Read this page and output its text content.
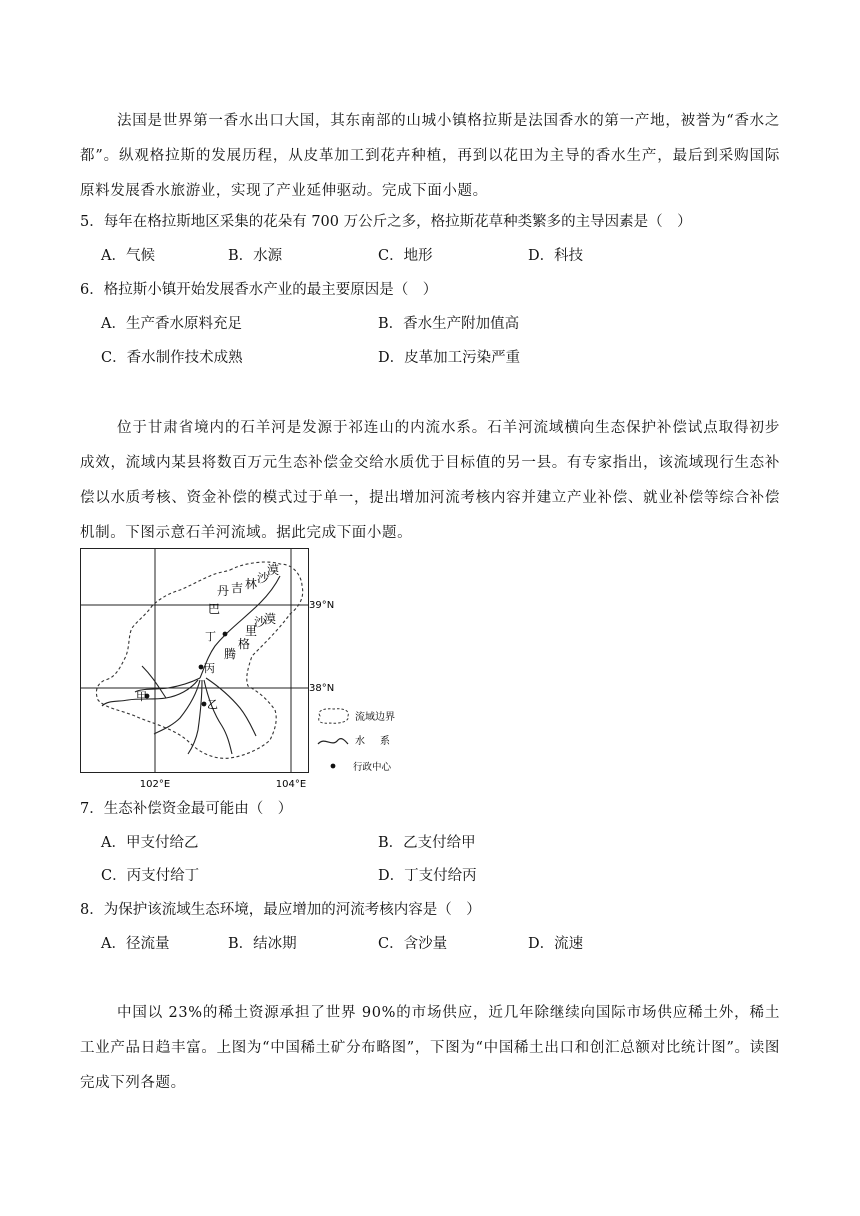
法国是世界第一香水出口大国，其东南部的山城小镇格拉斯是法国香水的第一产地，被誉为“香水之都”。纵观格拉斯的发展历程，从皮革加工到花卉种植，再到以花田为主导的香水生产，最后到采购国际原料发展香水旅游业，实现了产业延伸驱动。完成下面小题。
5．每年在格拉斯地区采集的花朵有 700 万公斤之多，格拉斯花草种类繁多的主导因素是（　）
A．气候	B．水源	C．地形	D．科技
6．格拉斯小镇开始发展香水产业的最主要原因是（　）
A．生产香水原料充足	B．香水生产附加值高
C．香水制作技术成熟	D．皮革加工污染严重
位于甘肃省境内的石羊河是发源于祁连山的内流水系。石羊河流域横向生态保护补偿试点取得初步成效，流域内某县将数百万元生态补偿金交给水质优于目标值的另一县。有专家指出，该流域现行生态补偿以水质考核、资金补偿的模式过于单一，提出增加河流考核内容并建立产业补偿、就业补偿等综合补偿机制。下图示意石羊河流域。据此完成下面小题。
丁
丙
甲
乙
巴
丹 吉 林 沙
漠
腾
格
里
沙
漠
39°N
38°N
102°E	104°E
流域边界
水 系
行政中心
7．生态补偿资金最可能由（　）
A．甲支付给乙	B．乙支付给甲
C．丙支付给丁	D．丁支付给丙
8．为保护该流域生态环境，最应增加的河流考核内容是（　）
A．径流量	B．结冰期	C．含沙量	D．流速
中国以 23%的稀土资源承担了世界 90%的市场供应，近几年除继续向国际市场供应稀土外，稀土工业产品日趋丰富。上图为“中国稀土矿分布略图”，下图为“中国稀土出口和创汇总额对比统计图”。读图完成下列各题。
